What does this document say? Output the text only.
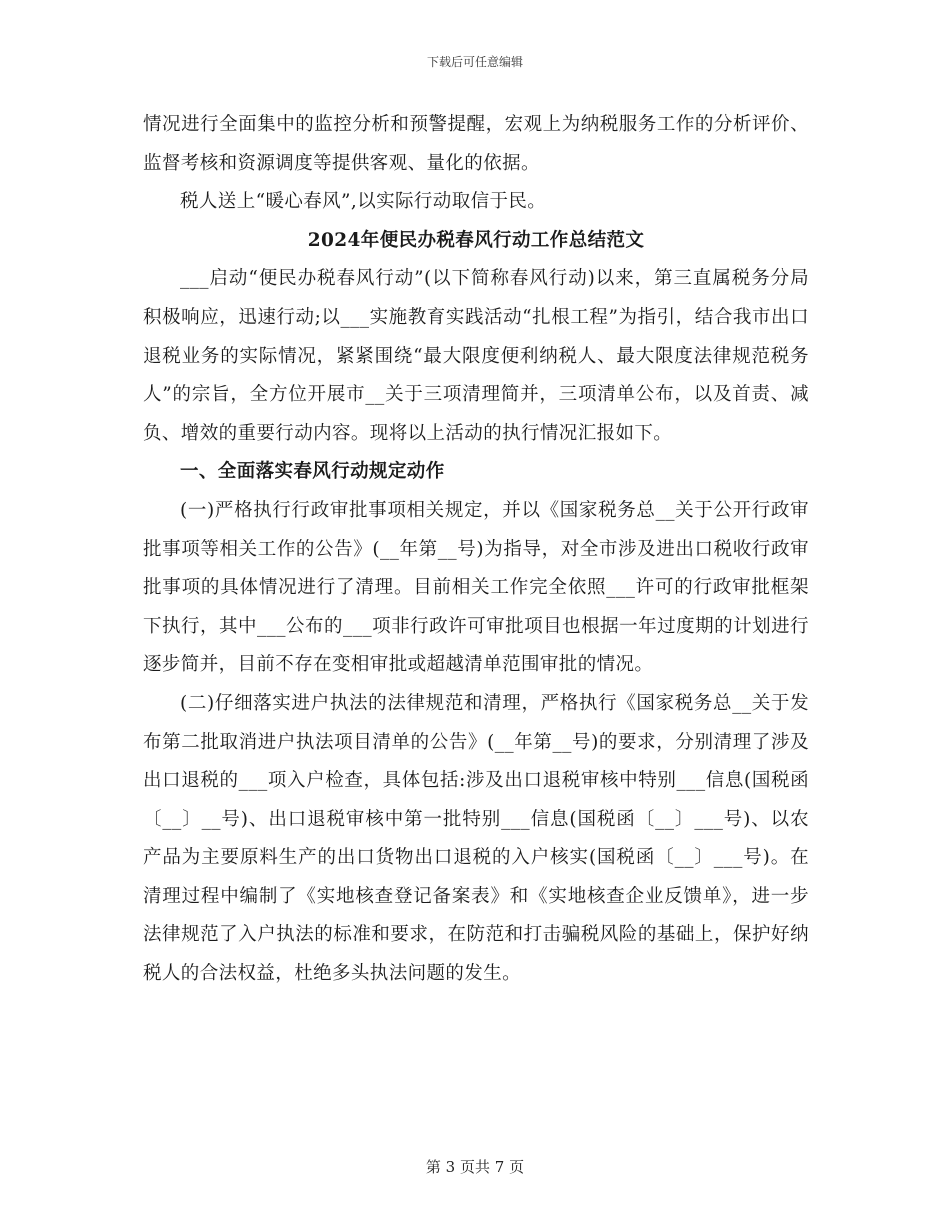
下载后可任意编辑

情况进行全面集中的监控分析和预警提醒，宏观上为纳税服务工作的分析评价、监督考核和资源调度等提供客观、量化的依据。

税人送上“暖心春风”,以实际行动取信于民。

2024年便民办税春风行动工作总结范文

___启动“便民办税春风行动”(以下简称春风行动)以来，第三直属税务分局积极响应，迅速行动;以___实施教育实践活动“扎根工程”为指引，结合我市出口退税业务的实际情况，紧紧围绕“最大限度便利纳税人、最大限度法律规范税务人”的宗旨，全方位开展市__关于三项清理简并，三项清单公布，以及首责、减负、增效的重要行动内容。现将以上活动的执行情况汇报如下。

一、全面落实春风行动规定动作

(一)严格执行行政审批事项相关规定，并以《国家税务总__关于公开行政审批事项等相关工作的公告》(__年第__号)为指导，对全市涉及进出口税收行政审批事项的具体情况进行了清理。目前相关工作完全依照___许可的行政审批框架下执行，其中___公布的___项非行政许可审批项目也根据一年过度期的计划进行逐步简并，目前不存在变相审批或超越清单范围审批的情况。

(二)仔细落实进户执法的法律规范和清理，严格执行《国家税务总__关于发布第二批取消进户执法项目清单的公告》(__年第__号)的要求，分别清理了涉及出口退税的___项入户检查，具体包括:涉及出口退税审核中特别___信息(国税函〔__〕__号)、出口退税审核中第一批特别___信息(国税函〔__〕___号)、以农产品为主要原料生产的出口货物出口退税的入户核实(国税函〔__〕___号)。在清理过程中编制了《实地核查登记备案表》和《实地核查企业反馈单》，进一步法律规范了入户执法的标准和要求，在防范和打击骗税风险的基础上，保护好纳税人的合法权益，杜绝多头执法问题的发生。

第 3 页共 7 页
